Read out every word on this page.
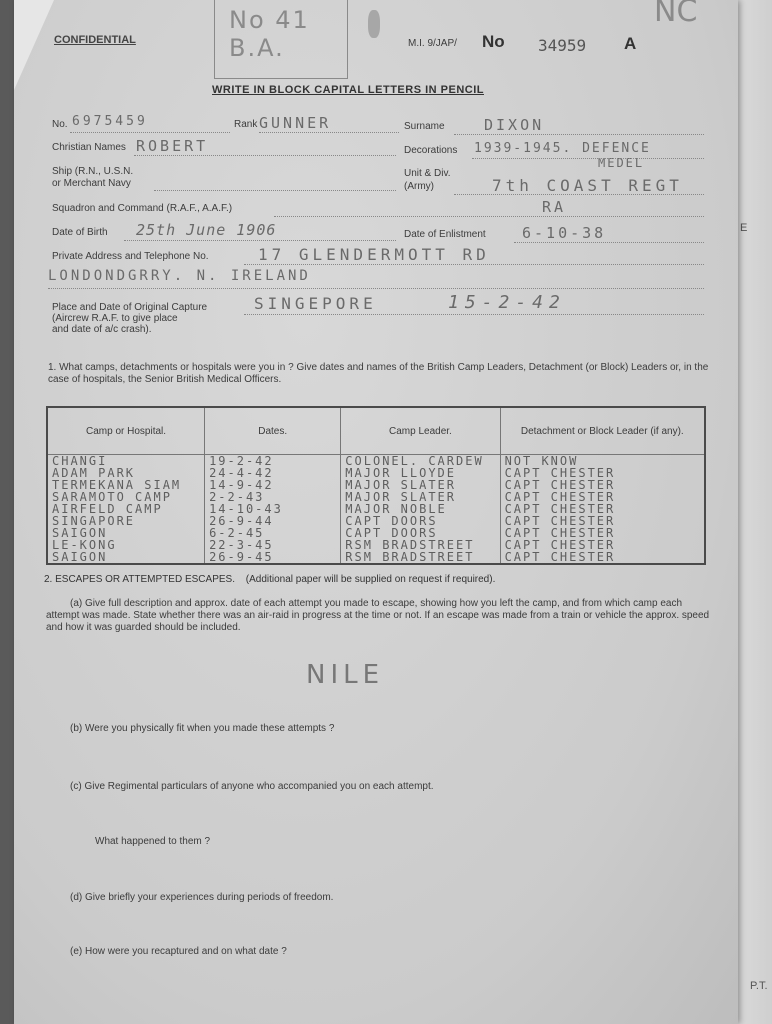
E
P.T.
CONFIDENTIAL
No 41
B.A.	M.I. 9/JAP/ No 34959 A
NC
WRITE IN BLOCK CAPITAL LETTERS IN PENCIL
No. 6975459	Rank GUNNER	Surname	DIXON
Christian Names ROBERT	Decorations 1939-1945. DEFENCE
MEDEL
Ship (R.N., U.S.N.
or Merchant Navy
Unit & Div.
(Army)	7th COAST REGT
Squadron and Command (R.A.F., A.A.F.)	RA
Date of Birth 25th June 1906	Date of Enlistment 6-10-38
Private Address and Telephone No.	17 GLENDERMOTT RD
LONDONDGRRY. N. IRELAND
Place and Date of Original Capture
(Aircrew R.A.F. to give place
and date of a/c crash).
SINGEPORE	15-2-42
1. What camps, detachments or hospitals were you in ? Give dates and names of the British Camp Leaders, Detachment (or Block) Leaders or, in the case of hospitals, the Senior British Medical Officers.
Camp or Hospital.	Dates.	Camp Leader.	Detachment or Block Leader (if any).
CHANGI	19-2-42	COLONEL. CARDEW	NOT KNOW
ADAM PARK	24-4-42	MAJOR LLOYDE	CAPT CHESTER
TERMEKANA SIAM	14-9-42	MAJOR SLATER	CAPT CHESTER
SARAMOTO CAMP	2-2-43	MAJOR SLATER	CAPT CHESTER
AIRFELD CAMP	14-10-43	MAJOR NOBLE	CAPT CHESTER
SINGAPORE	26-9-44	CAPT DOORS	CAPT CHESTER
SAIGON	6-2-45	CAPT DOORS	CAPT CHESTER
LE-KONG	22-3-45	RSM BRADSTREET	CAPT CHESTER
SAIGON	26-9-45	RSM BRADSTREET	CAPT CHESTER
2. ESCAPES OR ATTEMPTED ESCAPES. (Additional paper will be supplied on request if required).
(a) Give full description and approx. date of each attempt you made to escape, showing how you left the camp, and from which camp each attempt was made. State whether there was an air-raid in progress at the time or not. If an escape was made from a train or vehicle the approx. speed and how it was guarded should be included.
NILE
(b) Were you physically fit when you made these attempts ?
(c) Give Regimental particulars of anyone who accompanied you on each attempt.
What happened to them ?
(d) Give briefly your experiences during periods of freedom.
(e) How were you recaptured and on what date ?
